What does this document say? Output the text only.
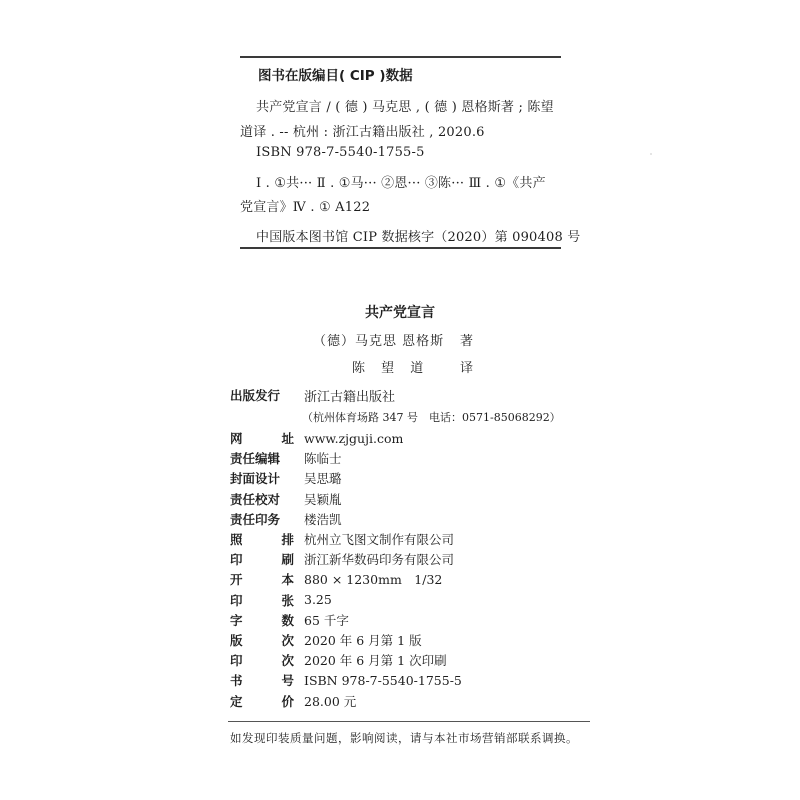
图书在版编目( CIP )数据
共产党宣言 / ( 德 ) 马克思 , ( 德 ) 恩格斯著 ; 陈望
道译 . -- 杭州 : 浙江古籍出版社 , 2020.6
ISBN 978-7-5540-1755-5
Ⅰ . ①共··· Ⅱ . ①马··· ②恩··· ③陈··· Ⅲ . ①《共产
党宣言》Ⅳ . ① A122
中国版本图书馆 CIP 数据核字（2020）第 090408 号
共产党宣言
（德）马克思 恩格斯 著
陈 望 道 译
出版发行 浙江古籍出版社
（杭州体育场路 347 号　电话：0571-85068292）
网	址 www.zjguji.com
责任编辑 陈临士
封面设计 吴思璐
责任校对 吴颖胤
责任印务 楼浩凯
照	排 杭州立飞图文制作有限公司
印	刷 浙江新华数码印务有限公司
开	本 880 × 1230mm　1/32
印	张 3.25
字	数 65 千字
版	次 2020 年 6 月第 1 版
印	次 2020 年 6 月第 1 次印刷
书	号 ISBN 978-7-5540-1755-5
定	价 28.00 元
如发现印装质量问题，影响阅读，请与本社市场营销部联系调换。
